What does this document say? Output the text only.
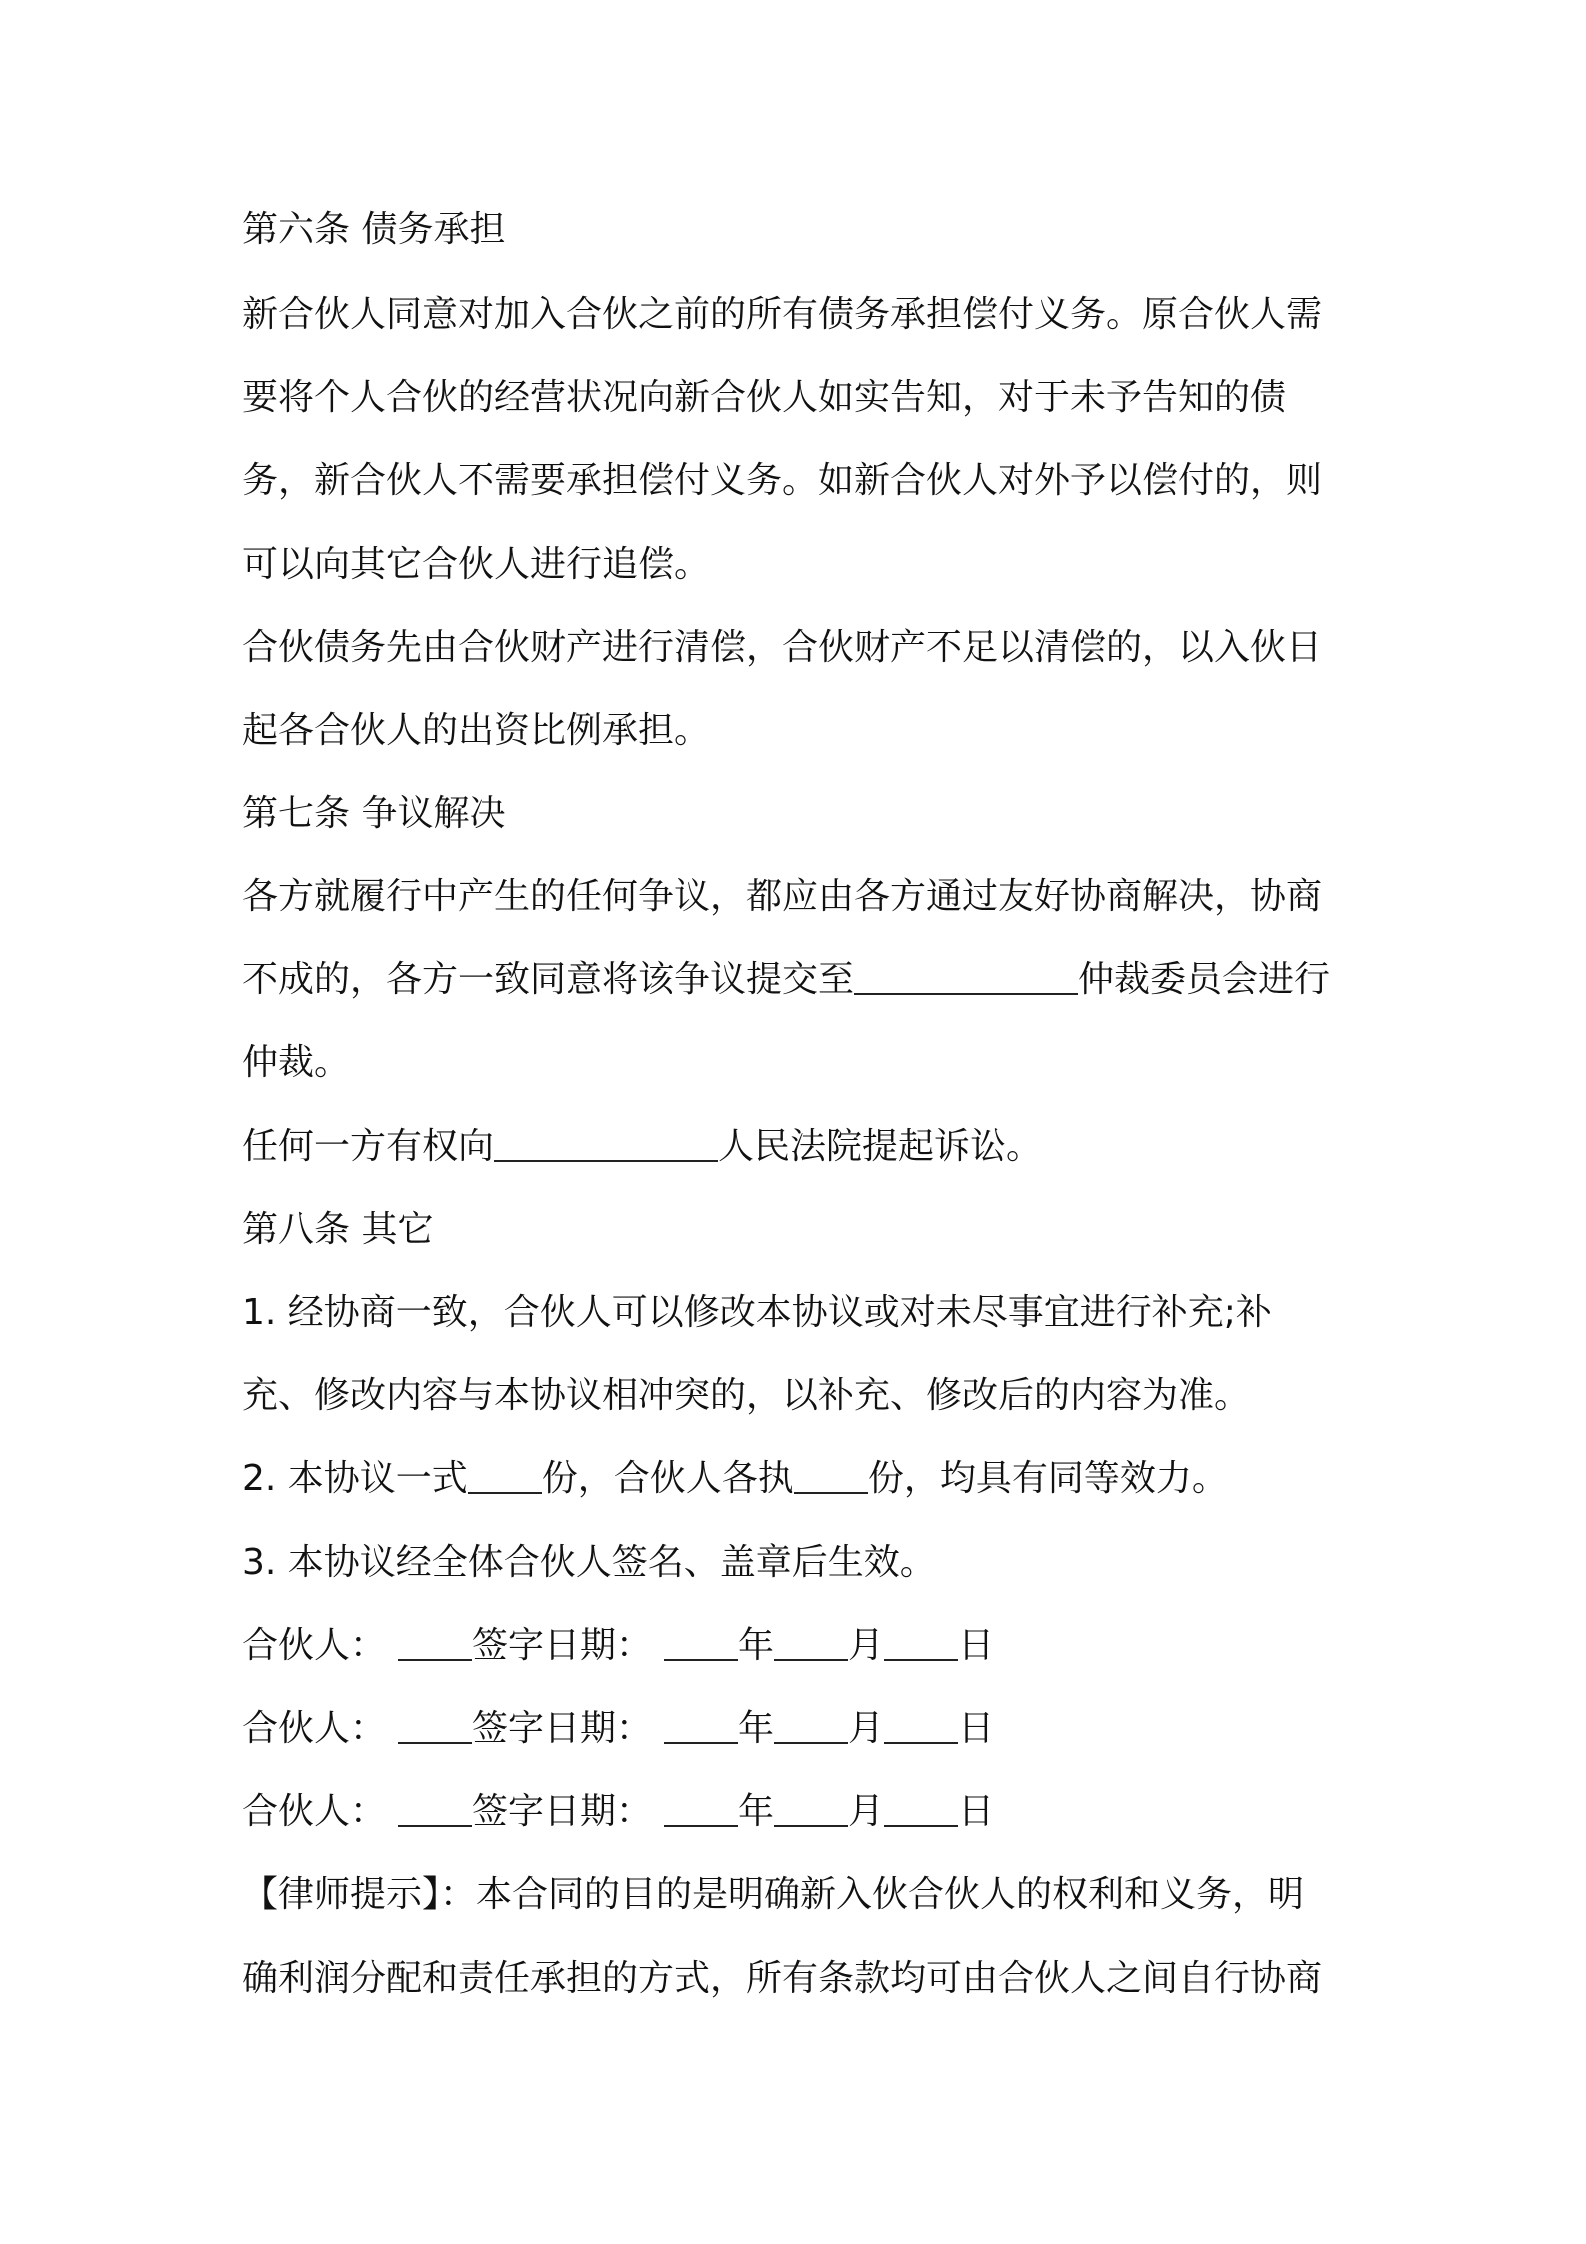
第六条 债务承担
新合伙人同意对加入合伙之前的所有债务承担偿付义务。原合伙人需
要将个人合伙的经营状况向新合伙人如实告知，对于未予告知的债
务，新合伙人不需要承担偿付义务。如新合伙人对外予以偿付的，则
可以向其它合伙人进行追偿。
合伙债务先由合伙财产进行清偿，合伙财产不足以清偿的，以入伙日
起各合伙人的出资比例承担。
第七条 争议解决
各方就履行中产生的任何争议，都应由各方通过友好协商解决，协商
不成的，各方一致同意将该争议提交至	仲裁委员会进行
仲裁。
任何一方有权向	人民法院提起诉讼。
第八条 其它
1. 经协商一致，合伙人可以修改本协议或对未尽事宜进行补充;补
充、修改内容与本协议相冲突的，以补充、修改后的内容为准。
2. 本协议一式 份，合伙人各执 份，均具有同等效力。
3. 本协议经全体合伙人签名、盖章后生效。
合伙人： 签字日期： 年 月 日
合伙人： 签字日期： 年 月 日
合伙人： 签字日期： 年 月 日
【律师提示】：本合同的目的是明确新入伙合伙人的权利和义务，明
确利润分配和责任承担的方式，所有条款均可由合伙人之间自行协商
